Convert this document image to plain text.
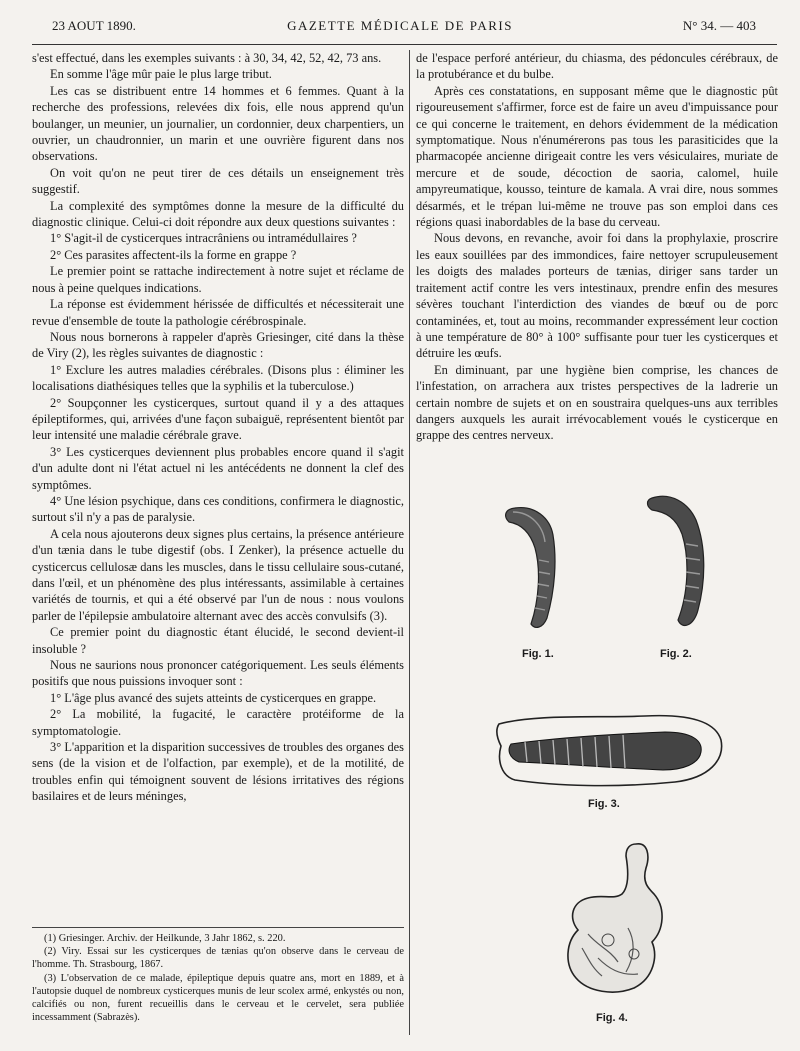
23 AOUT 1890.	GAZETTE MÉDICALE DE PARIS	N° 34. — 403

s'est effectué, dans les exemples suivants : à 30, 34, 42, 52, 42, 73 ans.

En somme l'âge mûr paie le plus large tribut.

Les cas se distribuent entre 14 hommes et 6 femmes. Quant à la recherche des professions, relevées dix fois, elle nous apprend qu'un boulanger, un meunier, un journalier, un cordonnier, deux charpentiers, un ouvrier, un chaudronnier, un marin et une ouvrière figurent dans nos observations.

On voit qu'on ne peut tirer de ces détails un enseignement très suggestif.

La complexité des symptômes donne la mesure de la difficulté du diagnostic clinique. Celui-ci doit répondre aux deux questions suivantes :

1° S'agit-il de cysticerques intracrâniens ou intramédullaires ?

2° Ces parasites affectent-ils la forme en grappe ?

Le premier point se rattache indirectement à notre sujet et réclame de nous à peine quelques indications.

La réponse est évidemment hérissée de difficultés et nécessiterait une revue d'ensemble de toute la pathologie cérébrospinale.

Nous nous bornerons à rappeler d'après Griesinger, cité dans la thèse de Viry (2), les règles suivantes de diagnostic :

1° Exclure les autres maladies cérébrales. (Disons plus : éliminer les localisations diathésiques telles que la syphilis et la tuberculose.)

2° Soupçonner les cysticerques, surtout quand il y a des attaques épileptiformes, qui, arrivées d'une façon subaiguë, représentent bientôt par leur intensité une maladie cérébrale grave.

3° Les cysticerques deviennent plus probables encore quand il s'agit d'un adulte dont ni l'état actuel ni les antécédents ne donnent la clef des symptômes.

4° Une lésion psychique, dans ces conditions, confirmera le diagnostic, surtout s'il n'y a pas de paralysie.

A cela nous ajouterons deux signes plus certains, la présence antérieure d'un tænia dans le tube digestif (obs. I Zenker), la présence actuelle du cysticercus cellulosæ dans les muscles, dans le tissu cellulaire sous-cutané, dans l'œil, et un phénomène des plus intéressants, assimilable à certaines variétés de tournis, et qui a été observé par l'un de nous : nous voulons parler de l'épilepsie ambulatoire alternant avec des accès convulsifs (3).

Ce premier point du diagnostic étant élucidé, le second devient-il insoluble ?

Nous ne saurions nous prononcer catégoriquement. Les seuls éléments positifs que nous puissions invoquer sont :

1° L'âge plus avancé des sujets atteints de cysticerques en grappe.

2° La mobilité, la fugacité, le caractère protéiforme de la symptomatologie.

3° L'apparition et la disparition successives de troubles des organes des sens (de la vision et de l'olfaction, par exemple), et de la motilité, de troubles enfin qui témoignent souvent de lésions irritatives des régions basilaires et de leurs méninges,

de l'espace perforé antérieur, du chiasma, des pédoncules cérébraux, de la protubérance et du bulbe.

Après ces constatations, en supposant même que le diagnostic pût rigoureusement s'affirmer, force est de faire un aveu d'impuissance pour ce qui concerne le traitement, en dehors évidemment de la médication symptomatique. Nous n'énumérerons pas tous les parasiticides que la pharmacopée ancienne dirigeait contre les vers vésiculaires, muriate de mercure et de soude, décoction de saoria, calomel, huile ampyreumatique, kousso, teinture de kamala. A vrai dire, nous sommes désarmés, et le trépan lui-même ne trouve pas son emploi dans ces régions quasi inabordables de la base du cerveau.

Nous devons, en revanche, avoir foi dans la prophylaxie, proscrire les eaux souillées par des immondices, faire nettoyer scrupuleusement les doigts des malades porteurs de tænias, diriger sans tarder un traitement actif contre les vers intestinaux, prendre enfin des mesures sévères touchant l'interdiction des viandes de bœuf ou de porc contaminées, et, tout au moins, recommander expressément leur coction à une température de 80° à 100° suffisante pour tuer les cysticerques et détruire les œufs.

En diminuant, par une hygiène bien comprise, les chances de l'infestation, on arrachera aux tristes perspectives de la ladrerie un certain nombre de sujets et on en soustraira quelques-uns aux terribles dangers auxquels les aurait irrévocablement voués le cysticerque en grappe des centres nerveux.

(1) Griesinger. Archiv. der Heilkunde, 3 Jahr 1862, s. 220.

(2) Viry. Essai sur les cysticerques de tænias qu'on observe dans le cerveau de l'homme. Th. Strasbourg, 1867.

(3) L'observation de ce malade, épileptique depuis quatre ans, mort en 1889, et à l'autopsie duquel de nombreux cysticerques munis de leur scolex armé, enkystés ou non, calcifiés ou non, furent recueillis dans le cerveau et le cervelet, sera publiée incessamment (Sabrazès).

Fig. 1.	Fig. 2.
Fig. 3.
Fig. 4.
